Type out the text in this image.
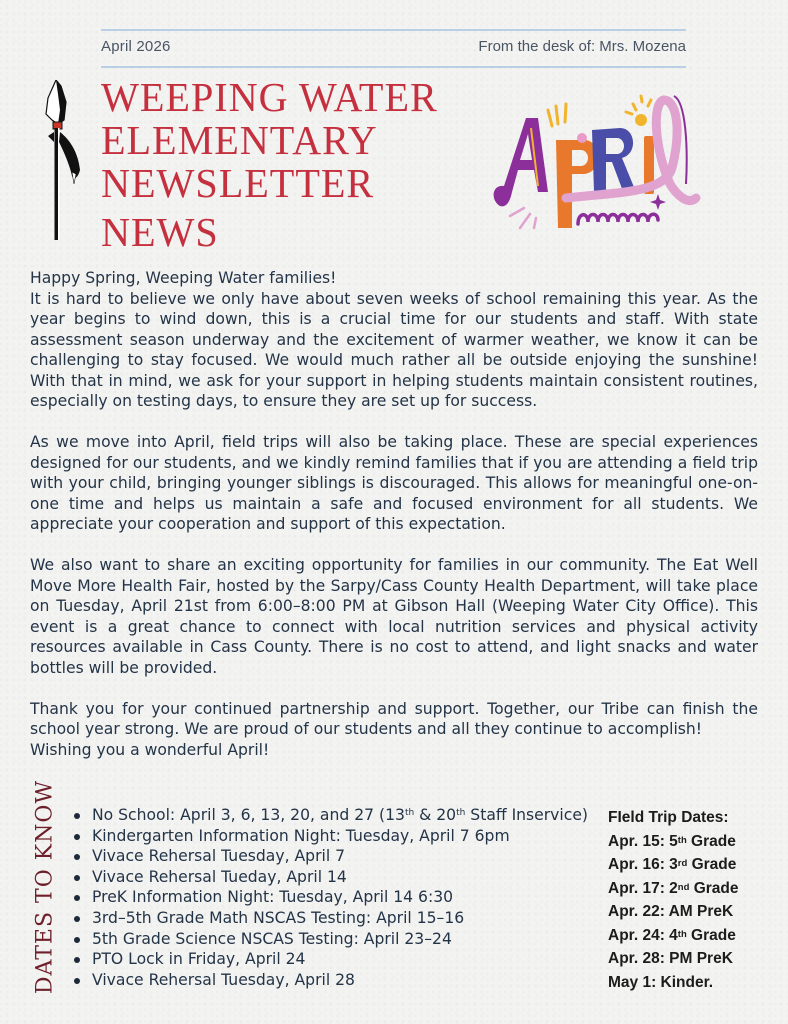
April 2026	From the desk of: Mrs. Mozena
WEEPING WATER
ELEMENTARY
NEWSLETTER
NEWS

Happy Spring, Weeping Water families!

It is hard to believe we only have about seven weeks of school remaining this year. As the year begins to wind down, this is a crucial time for our students and staff. With state assessment season underway and the excitement of warmer weather, we know it can be challenging to stay focused. We would much rather all be outside enjoying the sunshine! With that in mind, we ask for your support in helping students maintain consistent routines, especially on testing days, to ensure they are set up for success.

As we move into April, field trips will also be taking place. These are special experiences designed for our students, and we kindly remind families that if you are attending a field trip with your child, bringing younger siblings is discouraged. This allows for meaningful one-on-one time and helps us maintain a safe and focused environment for all students. We appreciate your cooperation and support of this expectation.

We also want to share an exciting opportunity for families in our community. The Eat Well Move More Health Fair, hosted by the Sarpy/Cass County Health Department, will take place on Tuesday, April 21st from 6:00–8:00 PM at Gibson Hall (Weeping Water City Office). This event is a great chance to connect with local nutrition services and physical activity resources available in Cass County. There is no cost to attend, and light snacks and water bottles will be provided.

Thank you for your continued partnership and support. Together, our Tribe can finish the school year strong. We are proud of our students and all they continue to accomplish!

Wishing you a wonderful April!

DATES TO KNOW	No School: April 3, 6, 13, 20, and 27 (13th & 20th Staff Inservice)
Kindergarten Information Night: Tuesday, April 7 6pm
Vivace Rehersal Tuesday, April 7
Vivace Rehersal Tueday, April 14
PreK Information Night: Tuesday, April 14 6:30
3rd–5th Grade Math NSCAS Testing: April 15–16
5th Grade Science NSCAS Testing: April 23–24
PTO Lock in Friday, April 24
Vivace Rehersal Tuesday, April 28
FIeld Trip Dates:
Apr. 15: 5th Grade
Apr. 16: 3rd Grade
Apr. 17: 2nd Grade
Apr. 22: AM PreK
Apr. 24: 4th Grade
Apr. 28: PM PreK
May 1: Kinder.
